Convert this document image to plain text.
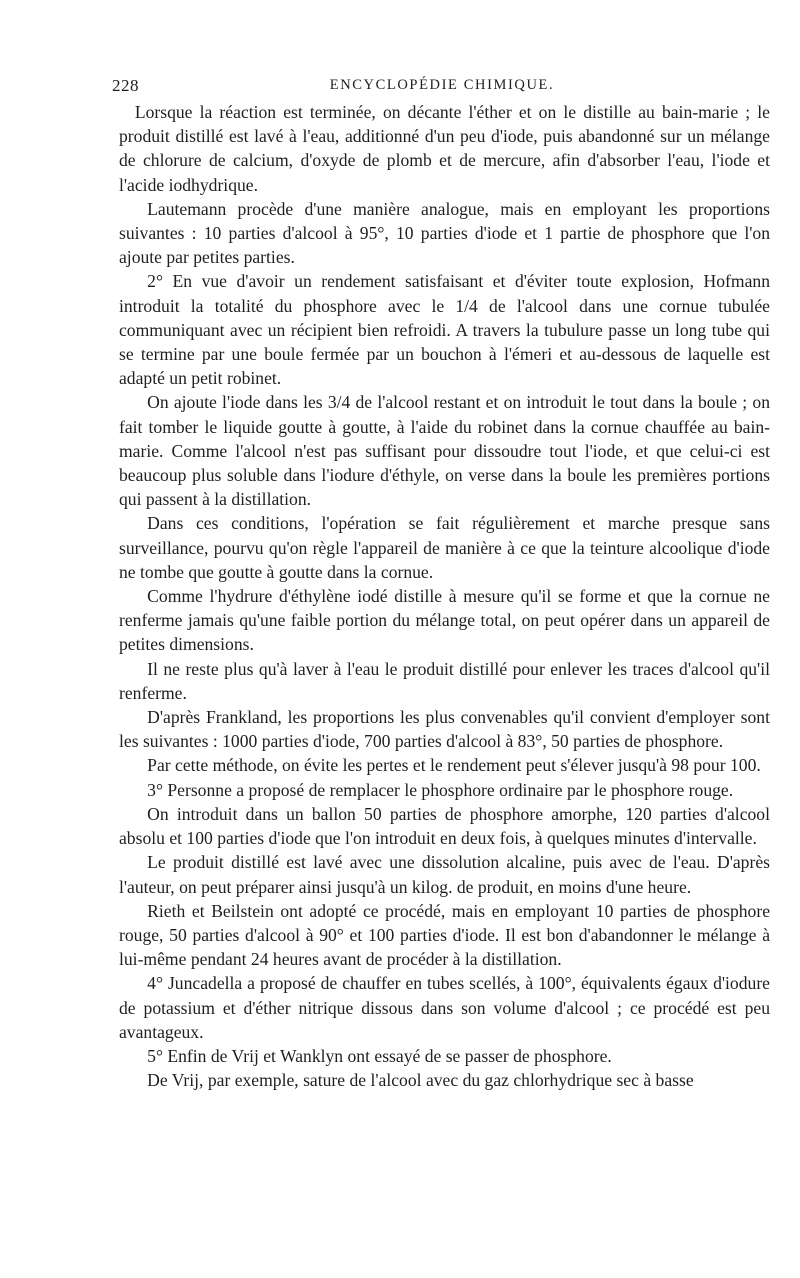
228	ENCYCLOPÉDIE CHIMIQUE.

Lorsque la réaction est terminée, on décante l'éther et on le distille au bain-marie ; le produit distillé est lavé à l'eau, additionné d'un peu d'iode, puis abandonné sur un mélange de chlorure de calcium, d'oxyde de plomb et de mercure, afin d'absorber l'eau, l'iode et l'acide iodhydrique.

Lautemann procède d'une manière analogue, mais en employant les proportions suivantes : 10 parties d'alcool à 95°, 10 parties d'iode et 1 partie de phosphore que l'on ajoute par petites parties.

2° En vue d'avoir un rendement satisfaisant et d'éviter toute explosion, Hofmann introduit la totalité du phosphore avec le 1/4 de l'alcool dans une cornue tubulée communiquant avec un récipient bien refroidi. A travers la tubulure passe un long tube qui se termine par une boule fermée par un bouchon à l'émeri et au-dessous de laquelle est adapté un petit robinet.

On ajoute l'iode dans les 3/4 de l'alcool restant et on introduit le tout dans la boule ; on fait tomber le liquide goutte à goutte, à l'aide du robinet dans la cornue chauffée au bain-marie. Comme l'alcool n'est pas suffisant pour dissoudre tout l'iode, et que celui-ci est beaucoup plus soluble dans l'iodure d'éthyle, on verse dans la boule les premières portions qui passent à la distillation.

Dans ces conditions, l'opération se fait régulièrement et marche presque sans surveillance, pourvu qu'on règle l'appareil de manière à ce que la teinture alcoolique d'iode ne tombe que goutte à goutte dans la cornue.

Comme l'hydrure d'éthylène iodé distille à mesure qu'il se forme et que la cornue ne renferme jamais qu'une faible portion du mélange total, on peut opérer dans un appareil de petites dimensions.

Il ne reste plus qu'à laver à l'eau le produit distillé pour enlever les traces d'alcool qu'il renferme.

D'après Frankland, les proportions les plus convenables qu'il convient d'employer sont les suivantes : 1000 parties d'iode, 700 parties d'alcool à 83°, 50 parties de phosphore.

Par cette méthode, on évite les pertes et le rendement peut s'élever jusqu'à 98 pour 100.

3° Personne a proposé de remplacer le phosphore ordinaire par le phosphore rouge.

On introduit dans un ballon 50 parties de phosphore amorphe, 120 parties d'alcool absolu et 100 parties d'iode que l'on introduit en deux fois, à quelques minutes d'intervalle.

Le produit distillé est lavé avec une dissolution alcaline, puis avec de l'eau. D'après l'auteur, on peut préparer ainsi jusqu'à un kilog. de produit, en moins d'une heure.

Rieth et Beilstein ont adopté ce procédé, mais en employant 10 parties de phosphore rouge, 50 parties d'alcool à 90° et 100 parties d'iode. Il est bon d'abandonner le mélange à lui-même pendant 24 heures avant de procéder à la distillation.

4° Juncadella a proposé de chauffer en tubes scellés, à 100°, équivalents égaux d'iodure de potassium et d'éther nitrique dissous dans son volume d'alcool ; ce procédé est peu avantageux.

5° Enfin de Vrij et Wanklyn ont essayé de se passer de phosphore.

De Vrij, par exemple, sature de l'alcool avec du gaz chlorhydrique sec à basse
